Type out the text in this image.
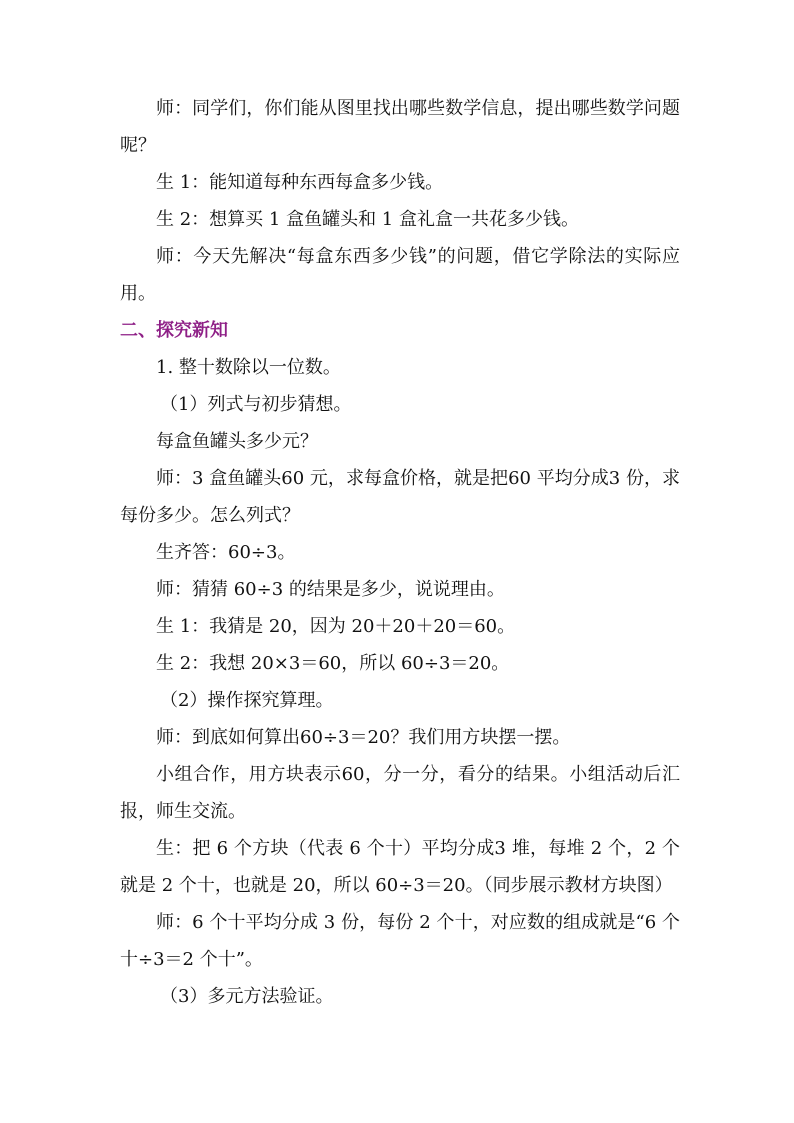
师：同学们，你们能从图里找出哪些数学信息，提出哪些数学问题呢？

生 1：能知道每种东西每盒多少钱。

生 2：想算买 1 盒鱼罐头和 1 盒礼盒一共花多少钱。

师：今天先解决“每盒东西多少钱”的问题，借它学除法的实际应用。

二、探究新知

1. 整十数除以一位数。

（1）列式与初步猜想。

每盒鱼罐头多少元？

师：3 盒鱼罐头60 元，求每盒价格，就是把60 平均分成3 份，求每份多少。怎么列式？

生齐答：60÷3。

师：猜猜 60÷3 的结果是多少，说说理由。

生 1：我猜是 20，因为 20＋20＋20＝60。

生 2：我想 20×3＝60，所以 60÷3＝20。

（2）操作探究算理。

师：到底如何算出60÷3＝20？我们用方块摆一摆。

小组合作，用方块表示60，分一分，看分的结果。小组活动后汇报，师生交流。

生：把 6 个方块（代表 6 个十）平均分成3 堆，每堆 2 个，2 个就是 2 个十，也就是 20，所以 60÷3＝20。（同步展示教材方块图）

师：6 个十平均分成 3 份，每份 2 个十，对应数的组成就是“6 个十÷3＝2 个十”。

（3）多元方法验证。
